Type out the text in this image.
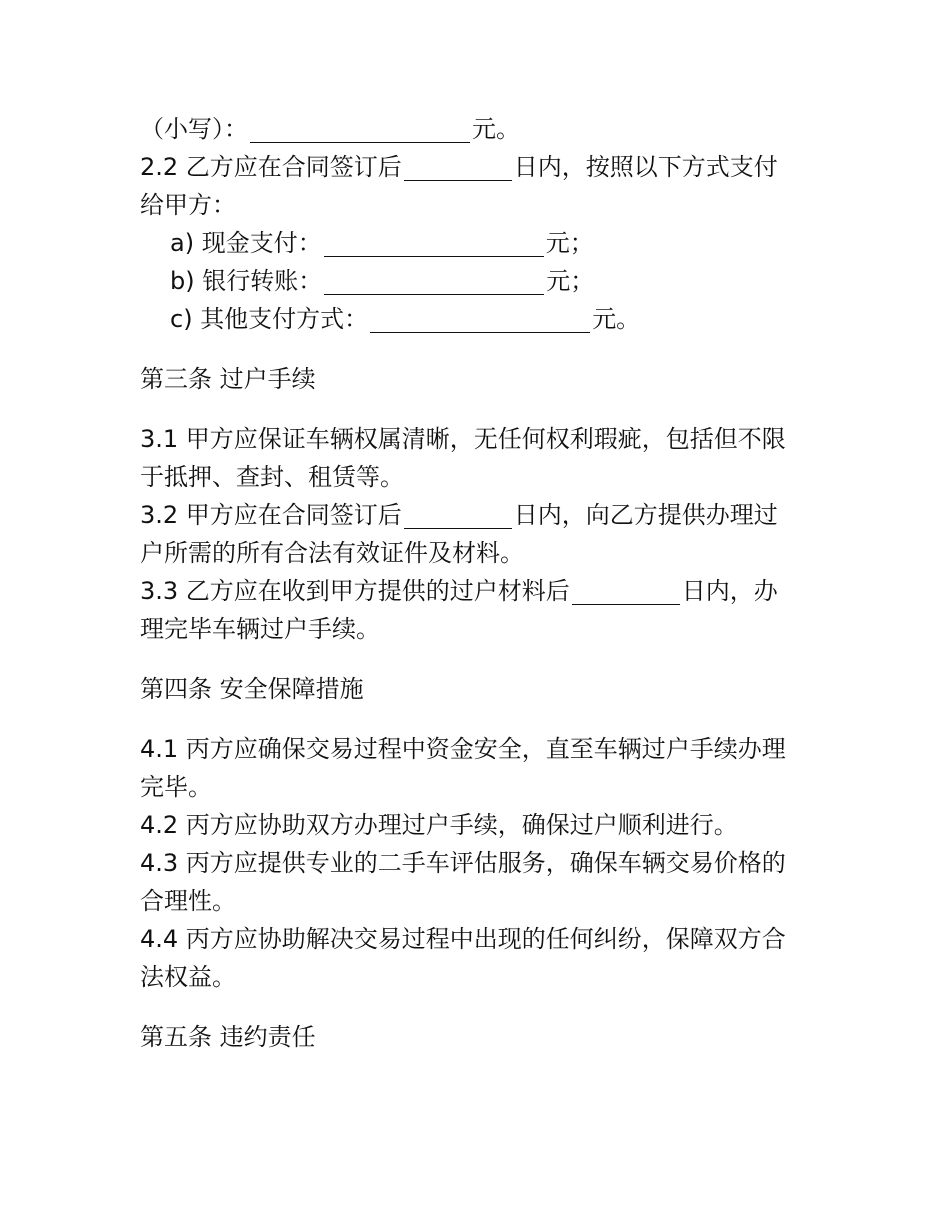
（小写）：	元。
2.2 乙方应在合同签订后	日内，按照以下方式支付
给甲方：
a) 现金支付：	元；
b) 银行转账：	元；
c) 其他支付方式：	元。
第三条 过户手续
3.1 甲方应保证车辆权属清晰，无任何权利瑕疵，包括但不限
于抵押、查封、租赁等。
3.2 甲方应在合同签订后	日内，向乙方提供办理过
户所需的所有合法有效证件及材料。
3.3 乙方应在收到甲方提供的过户材料后	日内，办
理完毕车辆过户手续。
第四条 安全保障措施
4.1 丙方应确保交易过程中资金安全，直至车辆过户手续办理
完毕。
4.2 丙方应协助双方办理过户手续，确保过户顺利进行。
4.3 丙方应提供专业的二手车评估服务，确保车辆交易价格的
合理性。
4.4 丙方应协助解决交易过程中出现的任何纠纷，保障双方合
法权益。
第五条 违约责任
